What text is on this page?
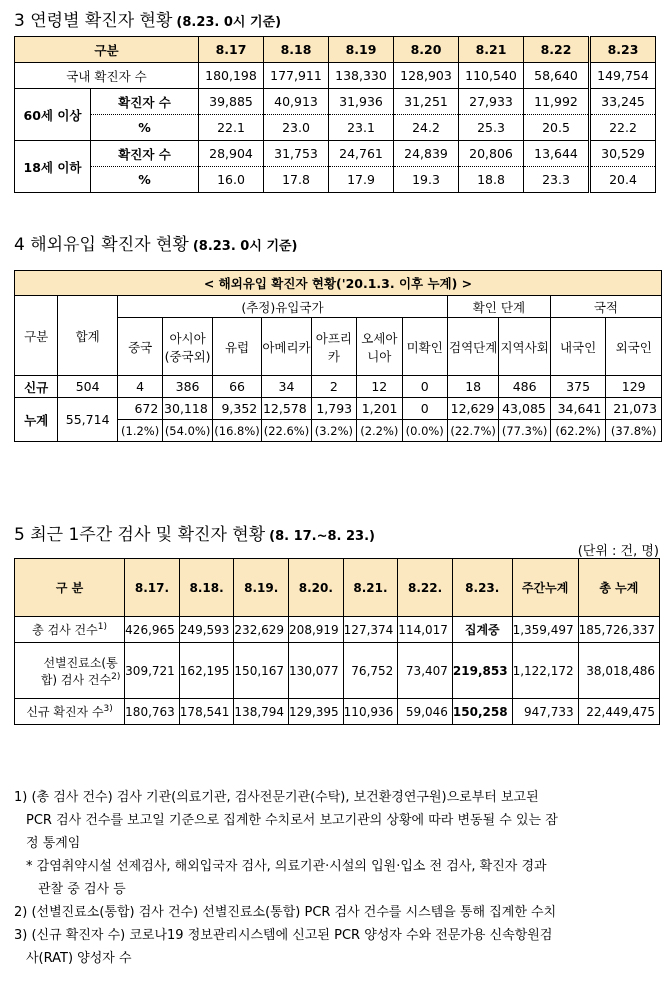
3 연령별 확진자 현황 (8.23. 0시 기준)
구분		8.17	8.18	8.19	8.20	8.21	8.22	8.23
국내 확진자 수		180,198	177,911	138,330	128,903	110,540	58,640	149,754
60세 이상	확진자 수	39,885	40,913	31,936	31,251	27,933	11,992	33,245
	%	22.1	23.0	23.1	24.2	25.3	20.5	22.2
18세 이하	확진자 수	28,904	31,753	24,761	24,839	20,806	13,644	30,529
	%	16.0	17.8	17.9	19.3	18.8	23.3	20.4
4 해외유입 확진자 현황 (8.23. 0시 기준)
< 해외유입 확진자 현황('20.1.3. 이후 누계) >												
구분	합계	(추정)유입국가							확인 단계		국적	
		중국	아시아(중국외)	유럽	아메리카	아프리카	오세아니아	미확인	검역단계	지역사회	내국인	외국인
신규	504	4	386	66	34	2	12	0	18	486	375	129
누계	55,714	672	30,118	9,352	12,578	1,793	1,201	0	12,629	43,085	34,641	21,073
		(1.2%)	(54.0%)	(16.8%)	(22.6%)	(3.2%)	(2.2%)	(0.0%)	(22.7%)	(77.3%)	(62.2%)	(37.8%)
5 최근 1주간 검사 및 확진자 현황 (8. 17.~8. 23.)
(단위 : 건, 명)
구 분	8.17.	8.18.	8.19.	8.20.	8.21.	8.22.	8.23.	주간누계	총 누계
총 검사 건수$^{1)}$	426,965	249,593	232,629	208,919	127,374	114,017	집계중	1,359,497	185,726,337
선별진료소(통합) 검사 건수$^{2)}$	309,721	162,195	150,167	130,077	76,752	73,407	219,853	1,122,172	38,018,486
신규 확진자 수$^{3)}$	180,763	178,541	138,794	129,395	110,936	59,046	150,258	947,733	22,449,475

1) (총 검사 건수) 검사 기관(의료기관, 검사전문기관(수탁), 보건환경연구원)으로부터 보고된

PCR 검사 건수를 보고일 기준으로 집계한 수치로서 보고기관의 상황에 따라 변동될 수 있는 잠

정 통계임

* 감염취약시설 선제검사, 해외입국자 검사, 의료기관·시설의 입원·입소 전 검사, 확진자 경과

관찰 중 검사 등

2) (선별진료소(통합) 검사 건수) 선별진료소(통합) PCR 검사 건수를 시스템을 통해 집계한 수치

3) (신규 확진자 수) 코로나19 정보관리시스템에 신고된 PCR 양성자 수와 전문가용 신속항원검

사(RAT) 양성자 수
